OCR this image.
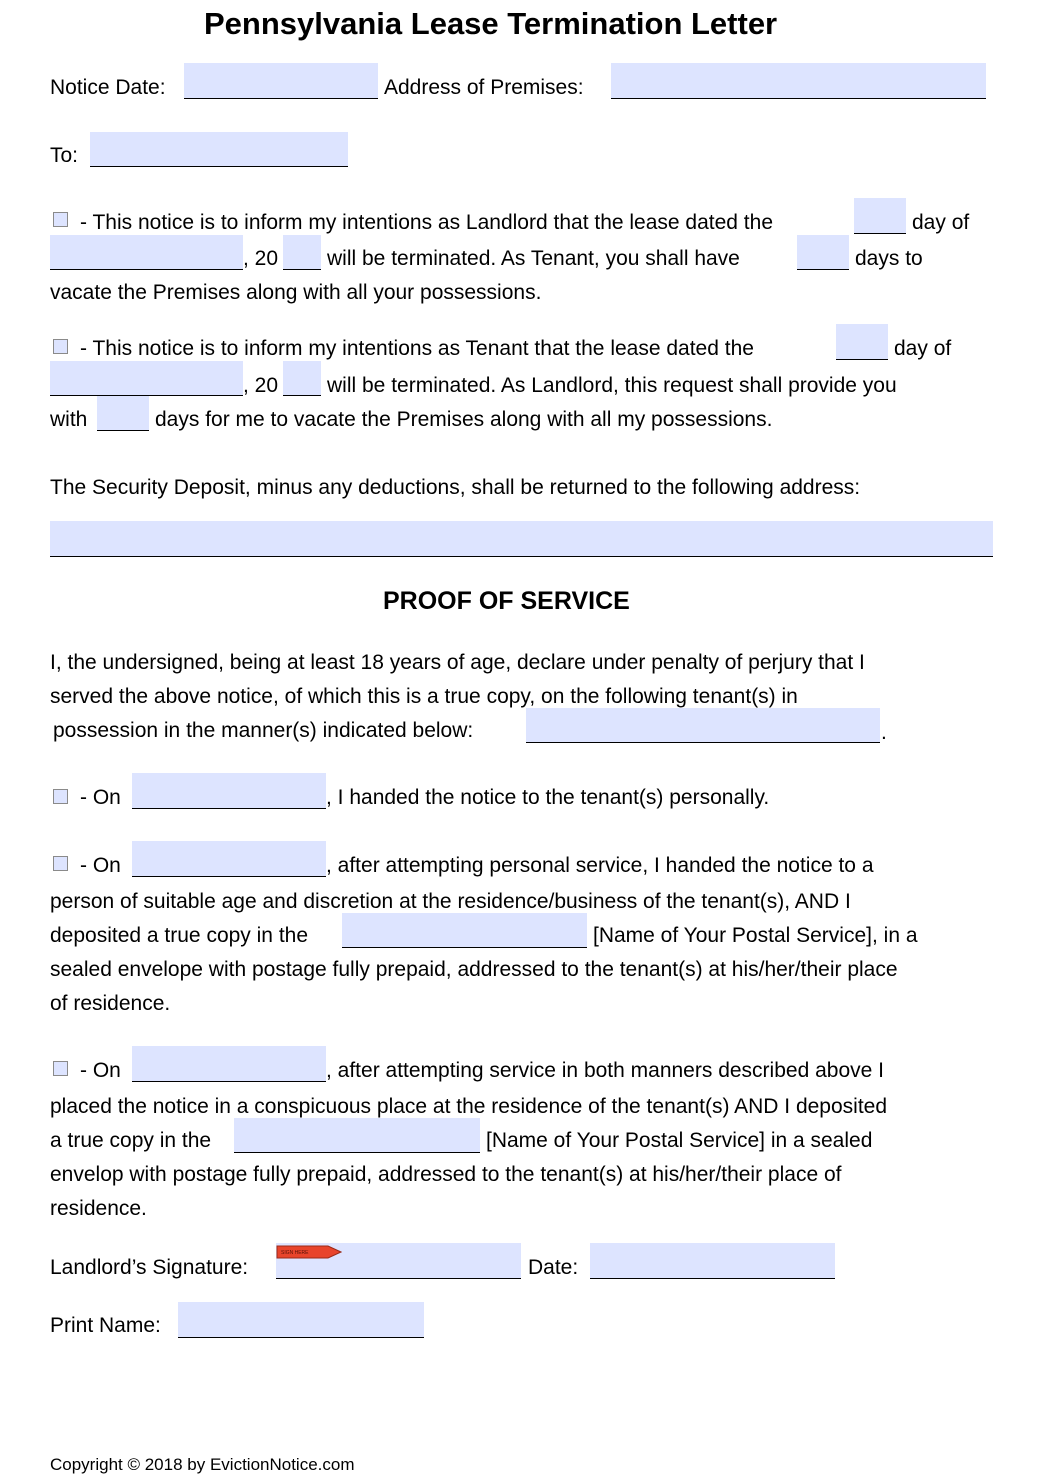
Pennsylvania Lease Termination Letter
Notice Date:	Address of Premises:
To:
- This notice is to inform my intentions as Landlord that the lease dated the	day of
, 20 will be terminated. As Tenant, you shall have	days to
vacate the Premises along with all your possessions.
- This notice is to inform my intentions as Tenant that the lease dated the	day of
, 20 will be terminated. As Landlord, this request shall provide you
with	days for me to vacate the Premises along with all my possessions.
The Security Deposit, minus any deductions, shall be returned to the following address:
PROOF OF SERVICE
I, the undersigned, being at least 18 years of age, declare under penalty of perjury that I
served the above notice, of which this is a true copy, on the following tenant(s) in
possession in the manner(s) indicated below:	.
- On	, I handed the notice to the tenant(s) personally.
- On	, after attempting personal service, I handed the notice to a
person of suitable age and discretion at the residence/business of the tenant(s), AND I
deposited a true copy in the	[Name of Your Postal Service], in a
sealed envelope with postage fully prepaid, addressed to the tenant(s) at his/her/their place
of residence.
- On	, after attempting service in both manners described above I
placed the notice in a conspicuous place at the residence of the tenant(s) AND I deposited
a true copy in the	[Name of Your Postal Service] in a sealed
envelop with postage fully prepaid, addressed to the tenant(s) at his/her/their place of
residence.
Landlord’s Signature:
SIGN HERE
Date:
Print Name:
Copyright © 2018 by EvictionNotice.com
